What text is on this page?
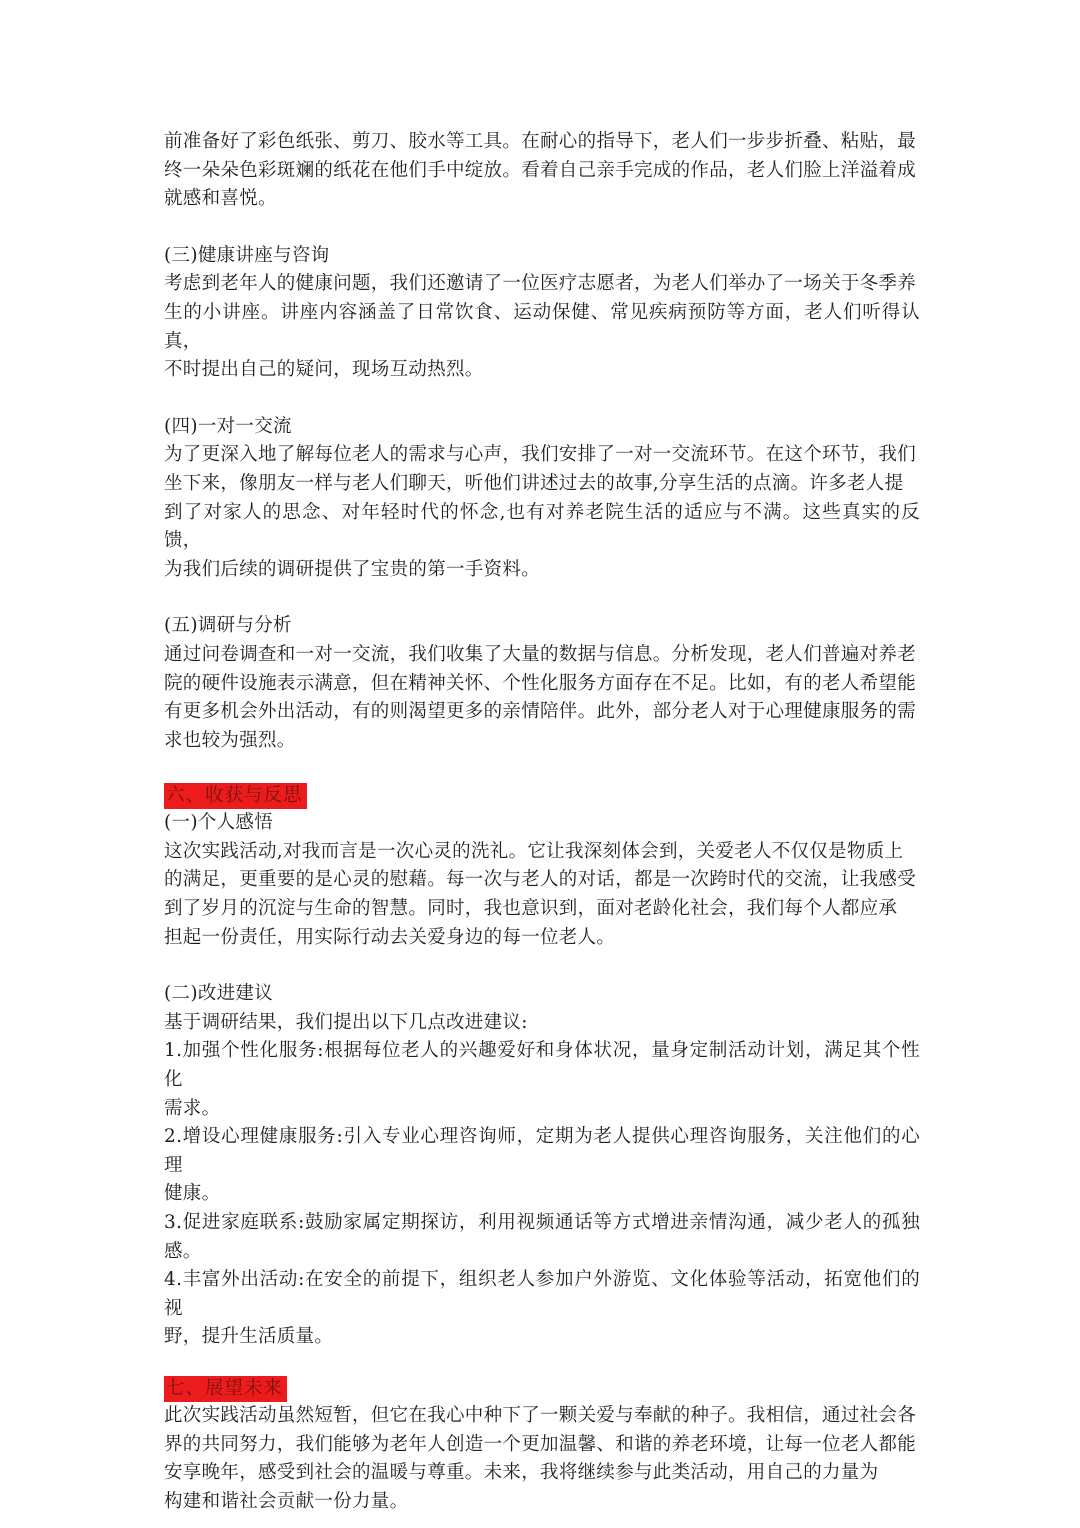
前准备好了彩色纸张、剪刀、胶水等工具。在耐心的指导下，老人们一步步折叠、粘贴，最

终一朵朵色彩斑斓的纸花在他们手中绽放。看着自己亲手完成的作品，老人们脸上洋溢着成

就感和喜悦。

(三)健康讲座与咨询

考虑到老年人的健康问题，我们还邀请了一位医疗志愿者，为老人们举办了一场关于冬季养

生的小讲座。讲座内容涵盖了日常饮食、运动保健、常见疾病预防等方面，老人们听得认真，

不时提出自己的疑问，现场互动热烈。

(四)一对一交流

为了更深入地了解每位老人的需求与心声，我们安排了一对一交流环节。在这个环节，我们

坐下来，像朋友一样与老人们聊天，听他们讲述过去的故事,分享生活的点滴。许多老人提

到了对家人的思念、对年轻时代的怀念,也有对养老院生活的适应与不满。这些真实的反馈，

为我们后续的调研提供了宝贵的第一手资料。

(五)调研与分析

通过问卷调查和一对一交流，我们收集了大量的数据与信息。分析发现，老人们普遍对养老

院的硬件设施表示满意，但在精神关怀、个性化服务方面存在不足。比如，有的老人希望能

有更多机会外出活动，有的则渴望更多的亲情陪伴。此外，部分老人对于心理健康服务的需

求也较为强烈。

六、收获与反思

(一)个人感悟

这次实践活动,对我而言是一次心灵的洗礼。它让我深刻体会到，关爱老人不仅仅是物质上

的满足，更重要的是心灵的慰藉。每一次与老人的对话，都是一次跨时代的交流，让我感受

到了岁月的沉淀与生命的智慧。同时，我也意识到，面对老龄化社会，我们每个人都应承

担起一份责任，用实际行动去关爱身边的每一位老人。

(二)改进建议

基于调研结果，我们提出以下几点改进建议:

1.加强个性化服务:根据每位老人的兴趣爱好和身体状况，量身定制活动计划，满足其个性化

需求。

2.增设心理健康服务:引入专业心理咨询师，定期为老人提供心理咨询服务，关注他们的心理

健康。

3.促进家庭联系:鼓励家属定期探访，利用视频通话等方式增进亲情沟通，减少老人的孤独感。

4.丰富外出活动:在安全的前提下，组织老人参加户外游览、文化体验等活动，拓宽他们的视

野，提升生活质量。

七、展望未来

此次实践活动虽然短暂，但它在我心中种下了一颗关爱与奉献的种子。我相信，通过社会各

界的共同努力，我们能够为老年人创造一个更加温馨、和谐的养老环境，让每一位老人都能

安享晚年，感受到社会的温暖与尊重。未来，我将继续参与此类活动，用自己的力量为

构建和谐社会贡献一份力量。
